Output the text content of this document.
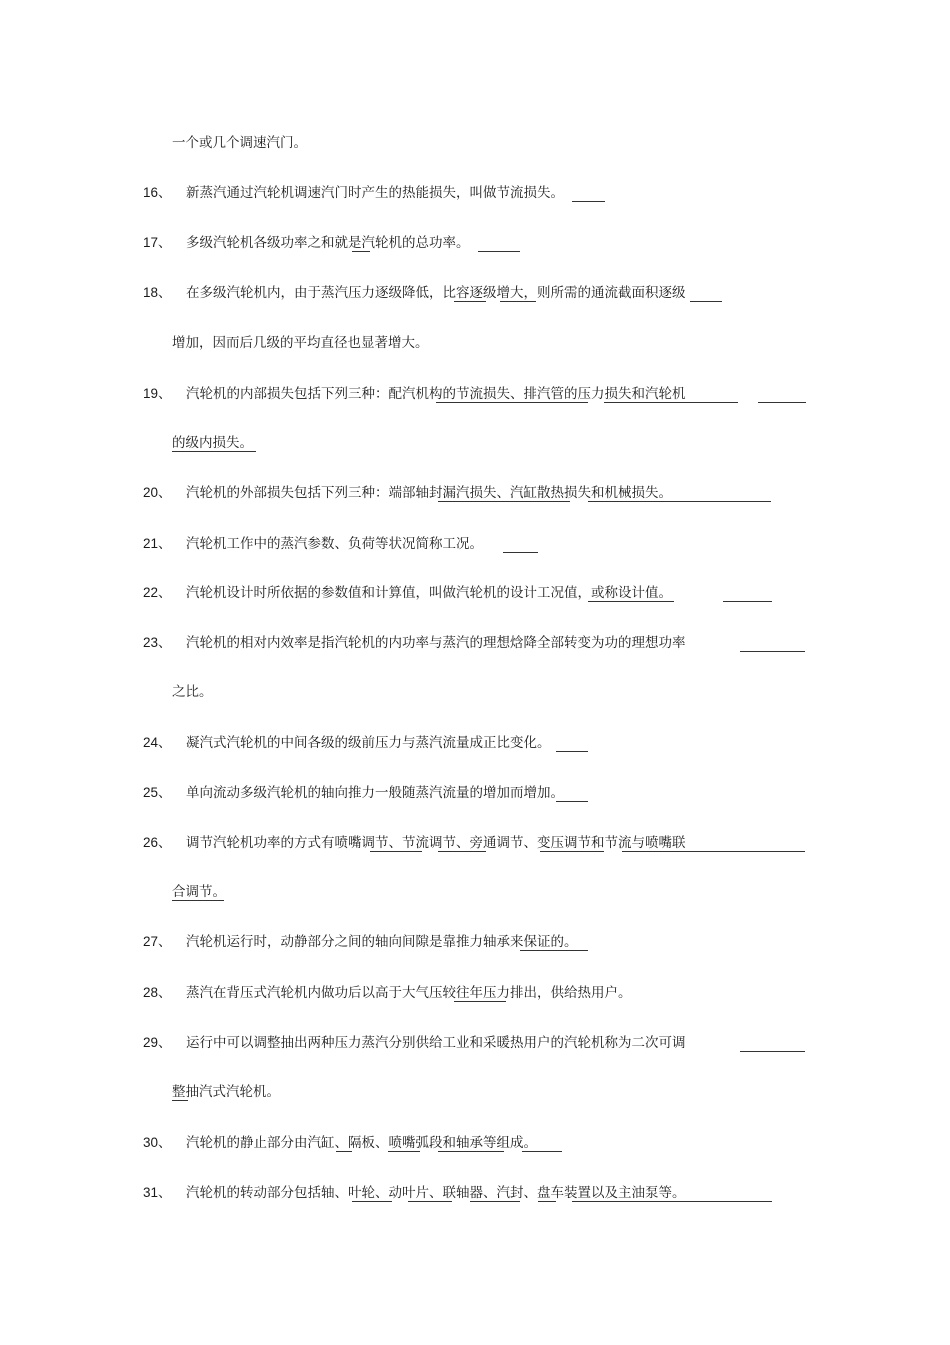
一个或几个调速汽门。
16、 新蒸汽通过汽轮机调速汽门时产生的热能损失，叫做节流损失。
17、 多级汽轮机各级功率之和就是汽轮机的总功率。
18、 在多级汽轮机内，由于蒸汽压力逐级降低，比容逐级增大，则所需的通流截面积逐级
增加，因而后几级的平均直径也显著增大。
19、 汽轮机的内部损失包括下列三种：配汽机构的节流损失、排汽管的压力损失和汽轮机
的级内损失。
20、 汽轮机的外部损失包括下列三种：端部轴封漏汽损失、汽缸散热损失和机械损失。
21、 汽轮机工作中的蒸汽参数、负荷等状况简称工况。
22、 汽轮机设计时所依据的参数值和计算值，叫做汽轮机的设计工况值，或称设计值。
23、 汽轮机的相对内效率是指汽轮机的内功率与蒸汽的理想焓降全部转变为功的理想功率
之比。
24、 凝汽式汽轮机的中间各级的级前压力与蒸汽流量成正比变化。
25、 单向流动多级汽轮机的轴向推力一般随蒸汽流量的增加而增加。
26、 调节汽轮机功率的方式有喷嘴调节、节流调节、旁通调节、变压调节和节流与喷嘴联
合调节。
27、 汽轮机运行时，动静部分之间的轴向间隙是靠推力轴承来保证的。
28、 蒸汽在背压式汽轮机内做功后以高于大气压较往年压力排出，供给热用户。
29、 运行中可以调整抽出两种压力蒸汽分别供给工业和采暖热用户的汽轮机称为二次可调
整抽汽式汽轮机。
30、 汽轮机的静止部分由汽缸、隔板、喷嘴弧段和轴承等组成。
31、 汽轮机的转动部分包括轴、叶轮、动叶片、联轴器、汽封、盘车装置以及主油泵等。
